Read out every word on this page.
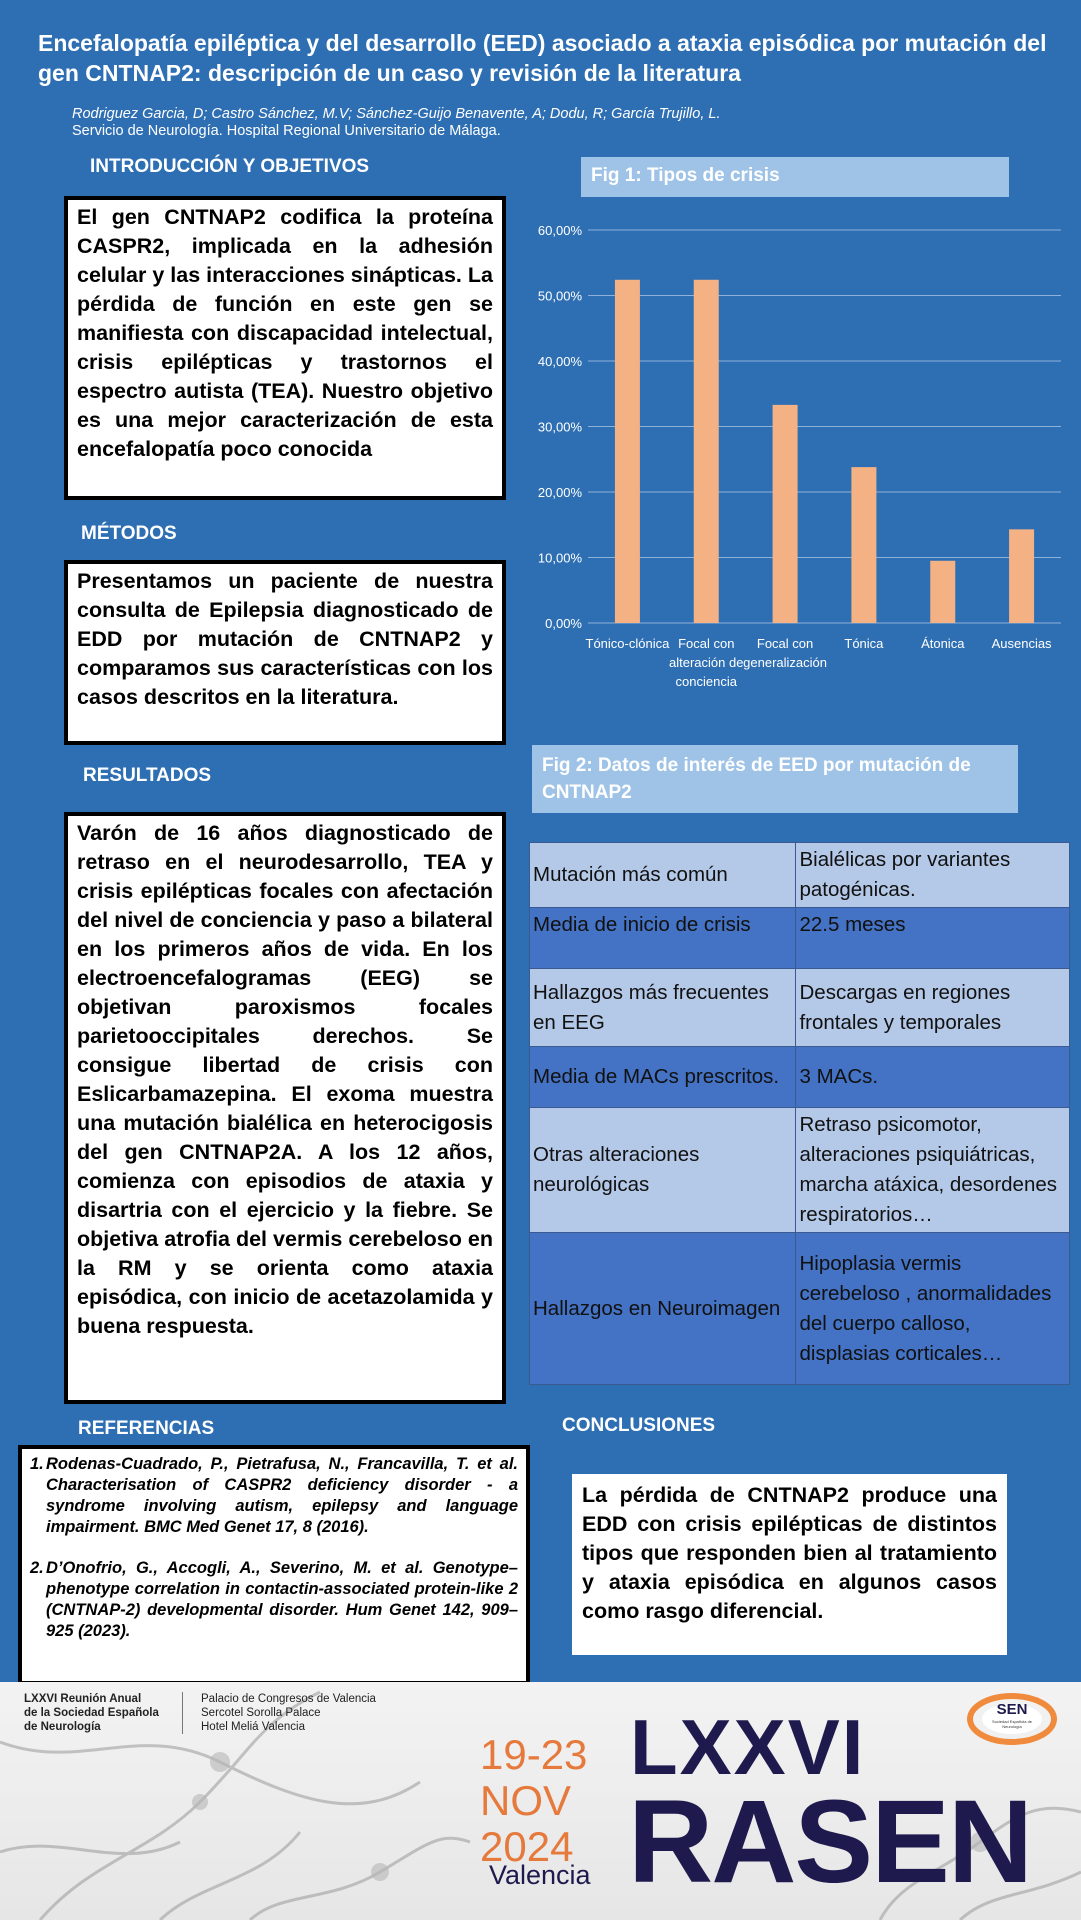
Encefalopatía epiléptica y del desarrollo (EED) asociado a ataxia episódica por mutación del gen CNTNAP2: descripción de un caso y revisión de la literatura
Rodriguez Garcia, D; Castro Sánchez, M.V; Sánchez-Guijo Benavente, A; Dodu, R; García Trujillo, L.
Servicio de Neurología. Hospital Regional Universitario de Málaga.
INTRODUCCIÓN Y OBJETIVOS
El gen CNTNAP2 codifica la proteína CASPR2, implicada en la adhesión celular y las interacciones sinápticas. La pérdida de función en este gen se manifiesta con discapacidad intelectual, crisis epilépticas y trastornos el espectro autista (TEA). Nuestro objetivo es una mejor caracterización de esta encefalopatía poco conocida
MÉTODOS
Presentamos un paciente de nuestra consulta de Epilepsia diagnosticado de EDD por mutación de CNTNAP2 y comparamos sus características con los casos descritos en la literatura.
RESULTADOS
Varón de 16 años diagnosticado de retraso en el neurodesarrollo, TEA y crisis epilépticas focales con afectación del nivel de conciencia y paso a bilateral en los primeros años de vida. En los electroencefalogramas (EEG) se objetivan paroxismos focales parietooccipitales derechos. Se consigue libertad de crisis con Eslicarbamazepina. El exoma muestra una mutación bialélica en heterocigosis del gen CNTNAP2A. A los 12 años, comienza con episodios de ataxia y disartria con el ejercicio y la fiebre. Se objetiva atrofia del vermis cerebeloso en la RM y se orienta como ataxia episódica, con inicio de acetazolamida y buena respuesta.
REFERENCIAS
1. Rodenas-Cuadrado, P., Pietrafusa, N., Francavilla, T. et al. Characterisation of CASPR2 deficiency disorder - a syndrome involving autism, epilepsy and language impairment. BMC Med Genet 17, 8 (2016).
2. D’Onofrio, G., Accogli, A., Severino, M. et al. Genotype–phenotype correlation in contactin-associated protein-like 2 (CNTNAP-2) developmental disorder. Hum Genet 142, 909–925 (2023).
Fig 1: Tipos de crisis
0,00%
10,00%
20,00%
30,00%
40,00%
50,00%
60,00%
Tónico-clónica Focal con
alteración de
conciencia
Focal con
generalización
Tónica	Átonica Ausencias
Fig 2: Datos de interés de EED por mutación de CNTNAP2
Mutación más común	Bialélicas por variantes patogénicas.
Media de inicio de crisis	22.5 meses
Hallazgos más frecuentes en EEG	Descargas en regiones frontales y temporales
Media de MACs prescritos.	3 MACs.
Otras alteraciones neurológicas	Retraso psicomotor, alteraciones psiquiátricas, marcha atáxica, desordenes respiratorios…
Hallazgos en Neuroimagen	Hipoplasia vermis cerebeloso , anormalidades del cuerpo calloso, displasias corticales…
CONCLUSIONES
La pérdida de CNTNAP2 produce una EDD con crisis epilépticas de distintos tipos que responden bien al tratamiento y ataxia episódica en algunos casos como rasgo diferencial.
LXXVI Reunión Anual
de la Sociedad Española
de Neurología
Palacio de Congresos de Valencia
Sercotel Sorolla Palace
Hotel Meliá Valencia
19-23
NOV
2024
Valencia
LXXVI
RASEN
SEN
Sociedad Española de Neurología
